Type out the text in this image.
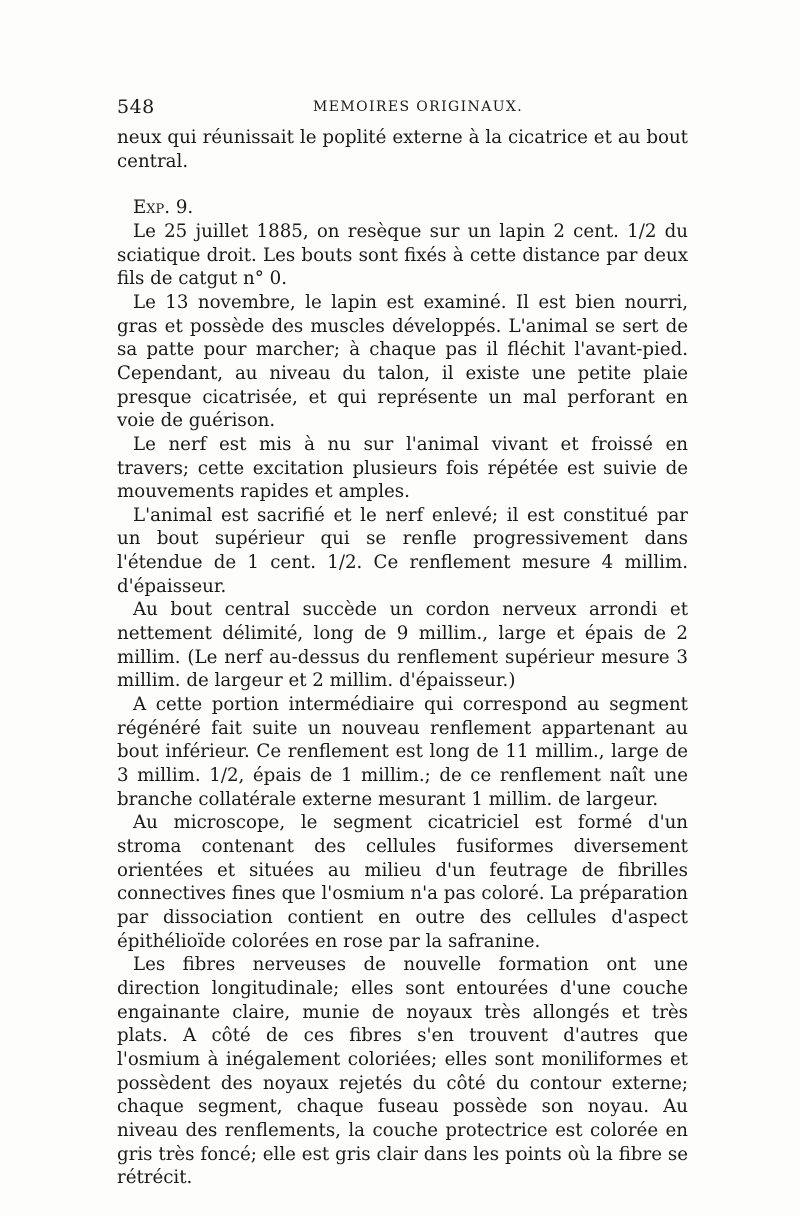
548	MEMOIRES ORIGINAUX.

neux qui réunissait le poplité externe à la cicatrice et au bout central.

Exp. 9.

Le 25 juillet 1885, on resèque sur un lapin 2 cent. 1/2 du sciatique droit. Les bouts sont fixés à cette distance par deux fils de catgut n° 0.

Le 13 novembre, le lapin est examiné. Il est bien nourri, gras et possède des muscles développés. L'animal se sert de sa patte pour marcher; à chaque pas il fléchit l'avant-pied. Cependant, au niveau du talon, il existe une petite plaie presque cicatrisée, et qui représente un mal perforant en voie de guérison.

Le nerf est mis à nu sur l'animal vivant et froissé en travers; cette excitation plusieurs fois répétée est suivie de mouvements rapides et amples.

L'animal est sacrifié et le nerf enlevé; il est constitué par un bout supérieur qui se renfle progressivement dans l'étendue de 1 cent. 1/2. Ce renflement mesure 4 millim. d'épaisseur.

Au bout central succède un cordon nerveux arrondi et nettement délimité, long de 9 millim., large et épais de 2 millim. (Le nerf au-dessus du renflement supérieur mesure 3 millim. de largeur et 2 millim. d'épaisseur.)

A cette portion intermédiaire qui correspond au segment régénéré fait suite un nouveau renflement appartenant au bout inférieur. Ce renflement est long de 11 millim., large de 3 millim. 1/2, épais de 1 millim.; de ce renflement naît une branche collatérale externe mesurant 1 millim. de largeur.

Au microscope, le segment cicatriciel est formé d'un stroma contenant des cellules fusiformes diversement orientées et situées au milieu d'un feutrage de fibrilles connectives fines que l'osmium n'a pas coloré. La préparation par dissociation contient en outre des cellules d'aspect épithélioïde colorées en rose par la safranine.

Les fibres nerveuses de nouvelle formation ont une direction longitudinale; elles sont entourées d'une couche engainante claire, munie de noyaux très allongés et très plats. A côté de ces fibres s'en trouvent d'autres que l'osmium à inégalement coloriées; elles sont moniliformes et possèdent des noyaux rejetés du côté du contour externe; chaque segment, chaque fuseau possède son noyau. Au niveau des renflements, la couche protectrice est colorée en gris très foncé; elle est gris clair dans les points où la fibre se rétrécit.
